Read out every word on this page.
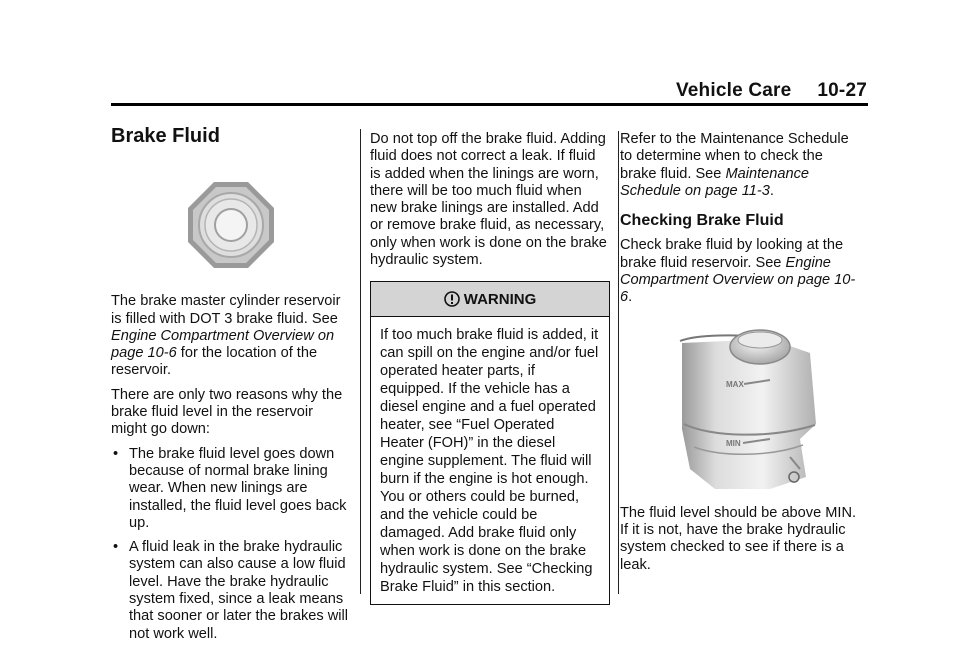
Vehicle Care 10-27
Brake Fluid

The brake master cylinder reservoir is filled with DOT 3 brake fluid. See Engine Compartment Overview on page 10-6 for the location of the reservoir.

There are only two reasons why the brake fluid level in the reservoir might go down:

• The brake fluid level goes down because of normal brake lining wear. When new linings are installed, the fluid level goes back up.
• A fluid leak in the brake hydraulic system can also cause a low fluid level. Have the brake hydraulic system fixed, since a leak means that sooner or later the brakes will not work well.

Do not top off the brake fluid. Adding fluid does not correct a leak. If fluid is added when the linings are worn, there will be too much fluid when new brake linings are installed. Add or remove brake fluid, as necessary, only when work is done on the brake hydraulic system.

WARNING
If too much brake fluid is added, it can spill on the engine and/or fuel operated heater parts, if equipped. If the vehicle has a diesel engine and a fuel operated heater, see “Fuel Operated Heater (FOH)” in the diesel engine supplement. The fluid will burn if the engine is hot enough. You or others could be burned, and the vehicle could be damaged. Add brake fluid only when work is done on the brake hydraulic system. See “Checking Brake Fluid” in this section.

Refer to the Maintenance Schedule to determine when to check the brake fluid. See Maintenance Schedule on page 11-3.

Checking Brake Fluid

Check brake fluid by looking at the brake fluid reservoir. See Engine Compartment Overview on page 10-6.

MAX
MIN

The fluid level should be above MIN. If it is not, have the brake hydraulic system checked to see if there is a leak.
